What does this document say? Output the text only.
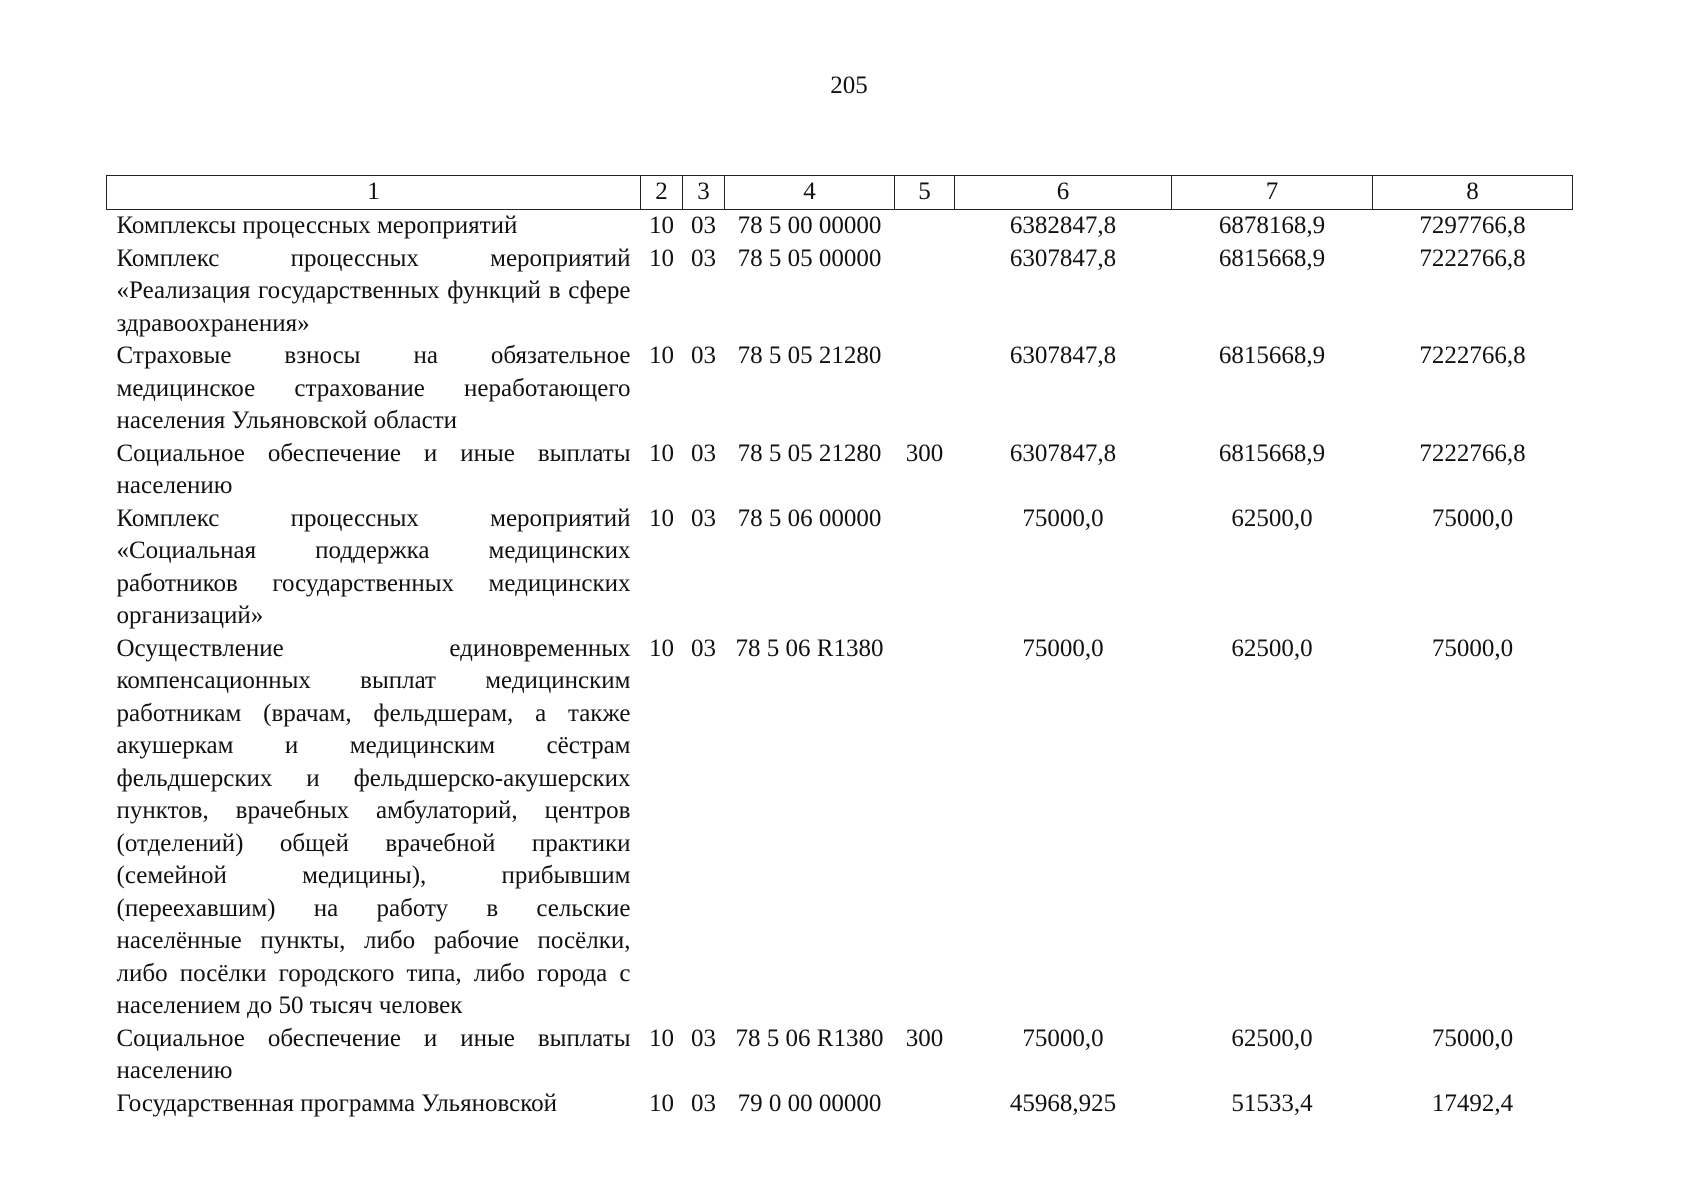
205
1	2	3	4	5	6	7	8
Комплексы процессных мероприятий	10	03	78 5 00 00000		6382847,8	6878168,9	7297766,8
Комплекс процессных мероприятий «Реализация государственных функций в сфере здравоохранения»	10	03	78 5 05 00000		6307847,8	6815668,9	7222766,8
Страховые взносы на обязательное медицинское страхование неработающего населения Ульяновской области	10	03	78 5 05 21280		6307847,8	6815668,9	7222766,8
Социальное обеспечение и иные выплаты населению	10	03	78 5 05 21280	300	6307847,8	6815668,9	7222766,8
Комплекс процессных мероприятий «Социальная поддержка медицинских работников государственных медицинских организаций»	10	03	78 5 06 00000		75000,0	62500,0	75000,0
Осуществление единовременных компенсационных выплат медицинским работникам (врачам, фельдшерам, а также акушеркам и медицинским сёстрам фельдшерских и фельдшерско-акушерских пунктов, врачебных амбулаторий, центров (отделений) общей врачебной практики (семейной медицины), прибывшим (переехавшим) на работу в сельские населённые пункты, либо рабочие посёлки, либо посёлки городского типа, либо города с населением до 50 тысяч человек	10	03	78 5 06 R1380		75000,0	62500,0	75000,0
Социальное обеспечение и иные выплаты населению	10	03	78 5 06 R1380	300	75000,0	62500,0	75000,0
Государственная программа Ульяновской	10	03	79 0 00 00000		45968,925	51533,4	17492,4
